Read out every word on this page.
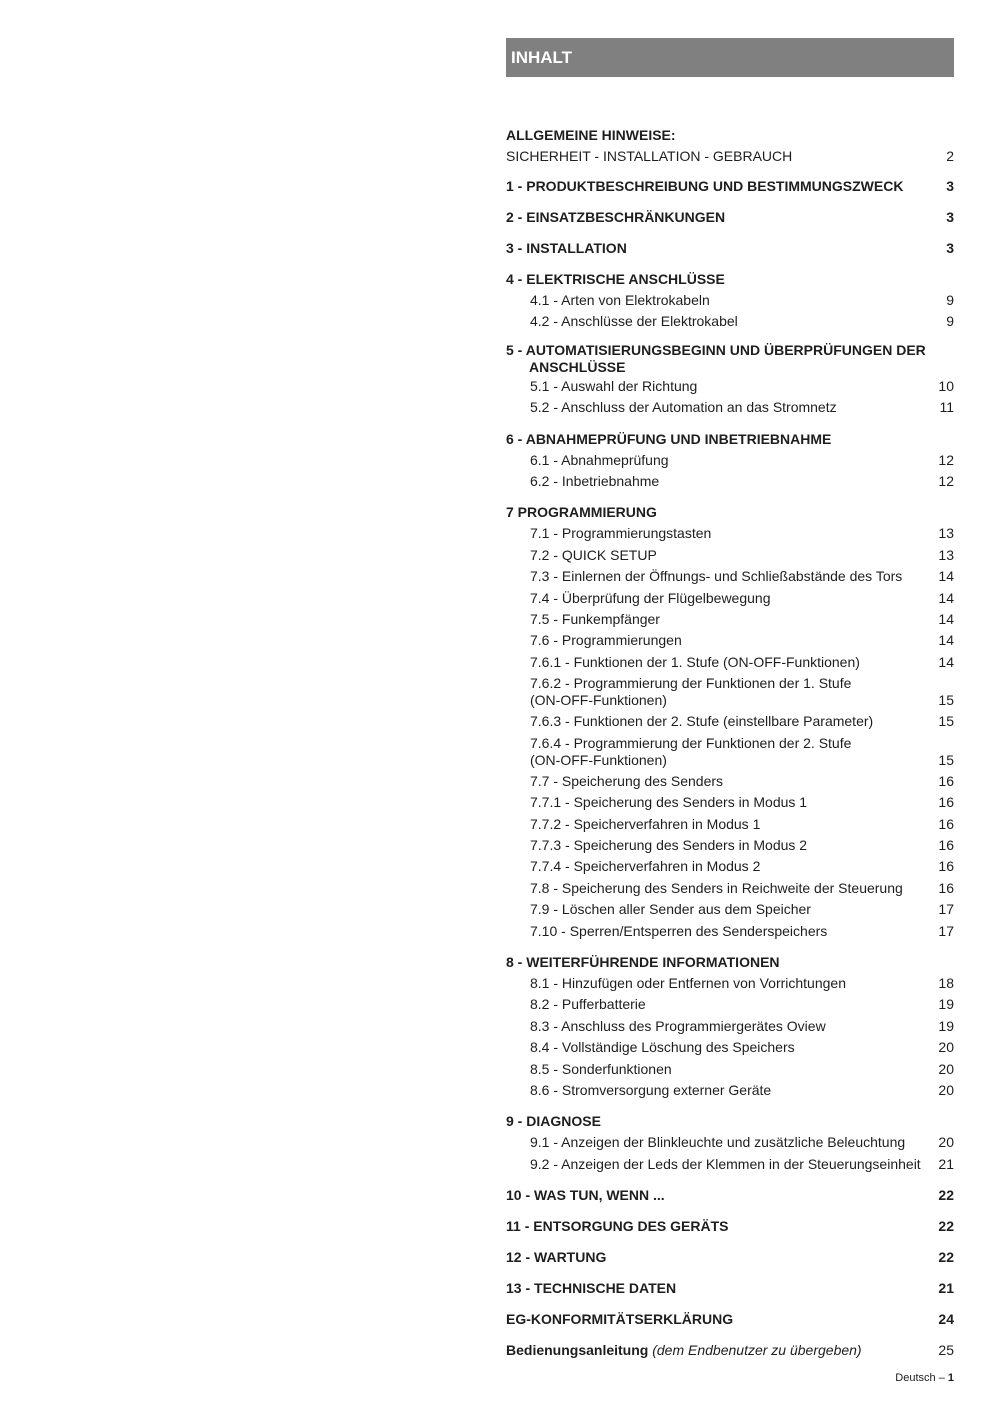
INHALT
ALLGEMEINE HINWEISE:
SICHERHEIT - INSTALLATION - GEBRAUCH	2
1 - PRODUKTBESCHREIBUNG UND BESTIMMUNGSZWECK	3
2 - EINSATZBESCHRÄNKUNGEN	3
3 - INSTALLATION	3
4 - ELEKTRISCHE ANSCHLÜSSE
4.1 - Arten von Elektrokabeln	9
4.2 - Anschlüsse der Elektrokabel	9
5 - AUTOMATISIERUNGSBEGINN UND ÜBERPRÜFUNGEN DER ANSCHLÜSSE
5.1 - Auswahl der Richtung	10
5.2 - Anschluss der Automation an das Stromnetz	11
6 - ABNAHMEPRÜFUNG UND INBETRIEBNAHME
6.1 - Abnahmeprüfung	12
6.2 - Inbetriebnahme	12
7 PROGRAMMIERUNG
7.1 - Programmierungstasten	13
7.2 - QUICK SETUP	13
7.3 - Einlernen der Öffnungs- und Schließabstände des Tors	14
7.4 - Überprüfung der Flügelbewegung	14
7.5 - Funkempfänger	14
7.6 - Programmierungen	14
7.6.1 - Funktionen der 1. Stufe (ON-OFF-Funktionen)	14
7.6.2 - Programmierung der Funktionen der 1. Stufe (ON-OFF-Funktionen)	15
7.6.3 - Funktionen der 2. Stufe (einstellbare Parameter)	15
7.6.4 - Programmierung der Funktionen der 2. Stufe (ON-OFF-Funktionen)	15
7.7 - Speicherung des Senders	16
7.7.1 - Speicherung des Senders in Modus 1	16
7.7.2 - Speicherverfahren in Modus 1	16
7.7.3 - Speicherung des Senders in Modus 2	16
7.7.4 - Speicherverfahren in Modus 2	16
7.8 - Speicherung des Senders in Reichweite der Steuerung	16
7.9 - Löschen aller Sender aus dem Speicher	17
7.10 - Sperren/Entsperren des Senderspeichers	17
8 - WEITERFÜHRENDE INFORMATIONEN
8.1 - Hinzufügen oder Entfernen von Vorrichtungen	18
8.2 - Pufferbatterie	19
8.3 - Anschluss des Programmiergerätes Oview	19
8.4 - Vollständige Löschung des Speichers	20
8.5 - Sonderfunktionen	20
8.6 - Stromversorgung externer Geräte	20
9 - DIAGNOSE
9.1 - Anzeigen der Blinkleuchte und zusätzliche Beleuchtung	20
9.2 - Anzeigen der Leds der Klemmen in der Steuerungseinheit	21
10 - WAS TUN, WENN ...	22
11 - ENTSORGUNG DES GERÄTS	22
12 - WARTUNG	22
13 - TECHNISCHE DATEN	21
EG-KONFORMITÄTSERKLÄRUNG	24
Bedienungsanleitung (dem Endbenutzer zu übergeben)	25
Deutsch – 1
